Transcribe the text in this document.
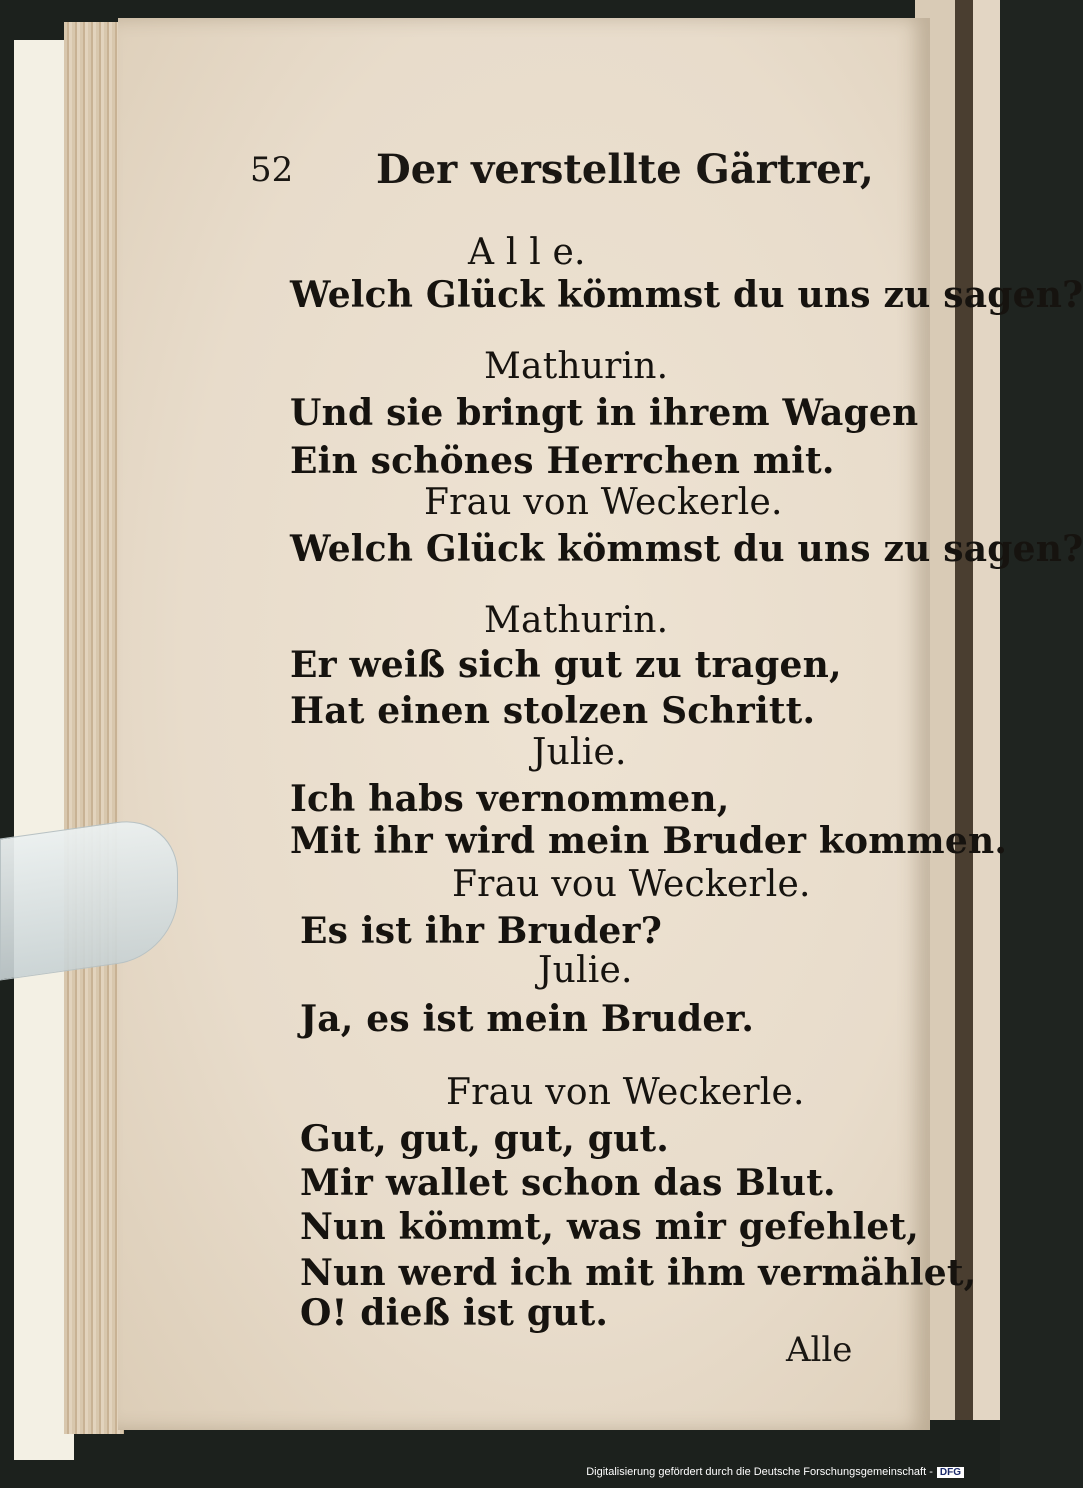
52 Der verstellte Gärtrer,
A l l e.
Welch Glück kömmst du uns zu sagen?
Mathurin.
Und sie bringt in ihrem Wagen
Ein schönes Herrchen mit.
Frau von Weckerle.
Welch Glück kömmst du uns zu sagen?
Mathurin.
Er weiß sich gut zu tragen,
Hat einen stolzen Schritt.
Julie.
Ich habs vernommen,
Mit ihr wird mein Bruder kommen.
Frau vou Weckerle.
Es ist ihr Bruder?
Julie.
Ja, es ist mein Bruder.
Frau von Weckerle.
Gut, gut, gut, gut.
Mir wallet schon das Blut.
Nun kömmt, was mir gefehlet,
Nun werd ich mit ihm vermählet,
O! dieß ist gut.
Alle
Digitalisierung gefördert durch die Deutsche Forschungsgemeinschaft - DFG
